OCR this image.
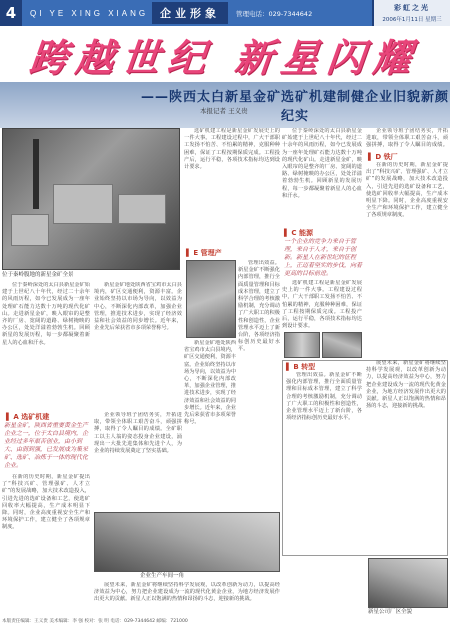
4	QI YE XING XIANG	企业形象	管理电话：029-7344642
彩虹之光
2006年1月11日 星期三
跨越世纪 新星闪耀
——陕西太白新星金矿选矿机建制健企业旧貌新颜纪实
本报记者 王义贵
位于秦岭腹地的新星金矿全景

位于秦岭深处的太白县新星金矿始建于上世纪八十年代，经过二十余年的风雨历程，如今已发展成为一座年处理矿石能力达数十万吨的现代化矿山。走进新星金矿，映入眼帘的是整齐的厂房、宽阔的道路、绿树掩映的办公区，处处洋溢着勃勃生机。回顾新星的发展历程，每一步都凝聚着新星人的心血和汗水。

新星金矿地处陕西省宝鸡市太白县境内，矿区交通便利，资源丰富。企业始终坚持以市场为导向，以效益为中心，不断深化内部改革，加强企业管理，推进技术进步，实现了经济效益和社会效益的同步增长。近年来，企业先后荣获省市多项荣誉称号。

▌ A 选矿机建
新星金矿，陕西省重要黄金生产企业之一，位于太白县境内，企业经过多年艰苦创业，由小到大、由弱到强，已发展成为集采矿、选矿、冶炼于一体的现代化企业。

在新的历史时期，新星金矿提出了“科技兴矿、管理强矿、人才立矿”的发展战略，加大技术改造投入，引进先进的选矿设备和工艺，使选矿回收率大幅提高，生产成本明显下降。同时，企业高度重视安全生产和环境保护工作，建立健全了各项规章制度。

企业领导班子团结务实，开拓进取，带领全体职工艰苦奋斗，顽强拼搏，取得了令人瞩目的成绩。全矿职工以主人翁的姿态投身企业建设，涌现出一大批先进集体和先进个人，为企业的持续发展奠定了坚实基础。

企业生产车间一角

展望未来，新星金矿将继续坚持科学发展观，以改革创新为动力，以提高经济效益为中心，努力把企业建设成为一流的现代化黄金企业，为地方经济发展作出更大的贡献。新星人正以饱满的热情和昂扬的斗志，迎接新的挑战。

选矿机建工程是新星金矿发展史上的一件大事。工程建设过程中，广大干部职工发扬不怕苦、不怕累的精神，克服种种困难，保证了工程按期保质完成。工程投产后，运行平稳，各项技术指标均达到设计要求。

▌ E 管理产

管理出效益。新星金矿不断强化内部管理，推行全面质量管理和目标成本管理，建立了科学合理的考核激励机制，充分调动了广大职工的积极性和创造性，企业管理水平迈上了新台阶，各项经济指标创历史最好水平。

新星金矿地处陕西省宝鸡市太白县境内，矿区交通便利，资源丰富。企业始终坚持以市场为导向，以效益为中心，不断深化内部改革，加强企业管理，推进技术进步，实现了经济效益和社会效益的同步增长。近年来，企业先后荣获省市多项荣誉称号。

位于秦岭深处的太白县新星金矿始建于上世纪八十年代，经过二十余年的风雨历程，如今已发展成为一座年处理矿石能力达数十万吨的现代化矿山。走进新星金矿，映入眼帘的是整齐的厂房、宽阔的道路、绿树掩映的办公区，处处洋溢着勃勃生机。回顾新星的发展历程，每一步都凝聚着新星人的心血和汗水。

企业领导班子团结务实，开拓进取，带领全体职工艰苦奋斗，顽强拼搏，取得了令人瞩目的成绩。

▌ D 铁厂

在新的历史时期，新星金矿提出了“科技兴矿、管理强矿、人才立矿”的发展战略，加大技术改造投入，引进先进的选矿设备和工艺，使选矿回收率大幅提高，生产成本明显下降。同时，企业高度重视安全生产和环境保护工作，建立健全了各项规章制度。

▌ C 能源
一个企业的竞争力来自于管理，来自于人才，来自于创新。新星人在新世纪的征程上，正迈着坚实的步伐，向着更高的目标前进。

选矿机建工程是新星金矿发展史上的一件大事。工程建设过程中，广大干部职工发扬不怕苦、不怕累的精神，克服种种困难，保证了工程按期保质完成。工程投产后，运行平稳，各项技术指标均达到设计要求。

▌ B 转型

管理出效益。新星金矿不断强化内部管理，推行全面质量管理和目标成本管理，建立了科学合理的考核激励机制，充分调动了广大职工的积极性和创造性，企业管理水平迈上了新台阶，各项经济指标创历史最好水平。

展望未来，新星金矿将继续坚持科学发展观，以改革创新为动力，以提高经济效益为中心，努力把企业建设成为一流的现代化黄金企业，为地方经济发展作出更大的贡献。新星人正以饱满的热情和昂扬的斗志，迎接新的挑战。

新星公司厂区全貌
本版责任编辑：王义贵 美术编辑：李 强 校对：张 明 电话：029-7344642 邮编：721000
